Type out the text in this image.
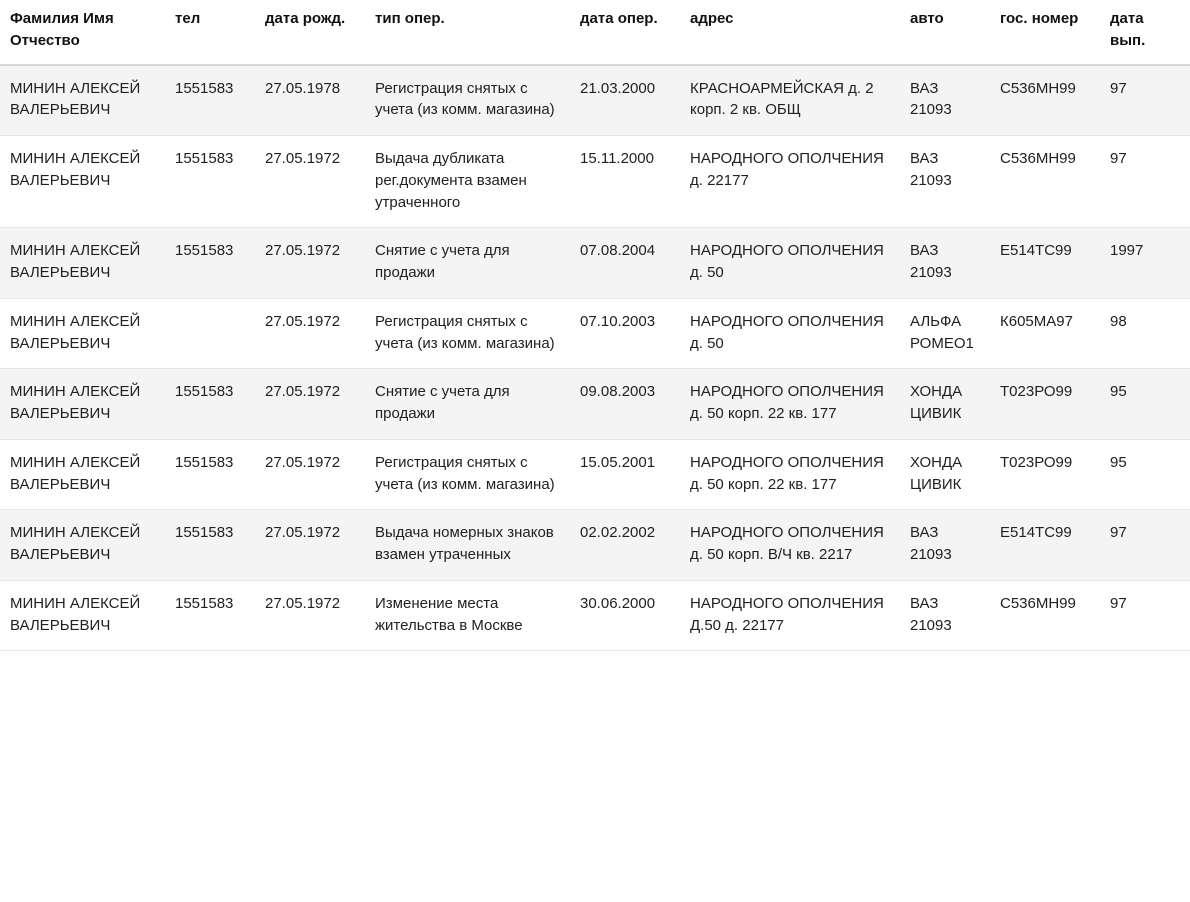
Фамилия Имя Отчество	тел	дата рожд.	тип опер.	дата опер.	адрес	авто	гос. номер	дата вып.
МИНИН АЛЕКСЕЙ ВАЛЕРЬЕВИЧ	1551583	27.05.1978	Регистрация снятых с учета (из комм. магазина)	21.03.2000	КРАСНОАРМЕЙСКАЯ д. 2 корп. 2 кв. ОБЩ	ВАЗ 21093	С536МН99	97
МИНИН АЛЕКСЕЙ ВАЛЕРЬЕВИЧ	1551583	27.05.1972	Выдача дубликата рег.документа взамен утраченного	15.11.2000	НАРОДНОГО ОПОЛЧЕНИЯ д. 22177	ВАЗ 21093	С536МН99	97
МИНИН АЛЕКСЕЙ ВАЛЕРЬЕВИЧ	1551583	27.05.1972	Снятие с учета для продажи	07.08.2004	НАРОДНОГО ОПОЛЧЕНИЯ д. 50	ВАЗ 21093	Е514ТС99	1997
МИНИН АЛЕКСЕЙ ВАЛЕРЬЕВИЧ		27.05.1972	Регистрация снятых с учета (из комм. магазина)	07.10.2003	НАРОДНОГО ОПОЛЧЕНИЯ д. 50	АЛЬФА РОМЕО1	К605МА97	98
МИНИН АЛЕКСЕЙ ВАЛЕРЬЕВИЧ	1551583	27.05.1972	Снятие с учета для продажи	09.08.2003	НАРОДНОГО ОПОЛЧЕНИЯ д. 50 корп. 22 кв. 177	ХОНДА ЦИВИК	Т023РО99	95
МИНИН АЛЕКСЕЙ ВАЛЕРЬЕВИЧ	1551583	27.05.1972	Регистрация снятых с учета (из комм. магазина)	15.05.2001	НАРОДНОГО ОПОЛЧЕНИЯ д. 50 корп. 22 кв. 177	ХОНДА ЦИВИК	Т023РО99	95
МИНИН АЛЕКСЕЙ ВАЛЕРЬЕВИЧ	1551583	27.05.1972	Выдача номерных знаков взамен утраченных	02.02.2002	НАРОДНОГО ОПОЛЧЕНИЯ д. 50 корп. В/Ч кв. 2217	ВАЗ 21093	Е514ТС99	97
МИНИН АЛЕКСЕЙ ВАЛЕРЬЕВИЧ	1551583	27.05.1972	Изменение места жительства в Москве	30.06.2000	НАРОДНОГО ОПОЛЧЕНИЯ Д.50 д. 22177	ВАЗ 21093	С536МН99	97
